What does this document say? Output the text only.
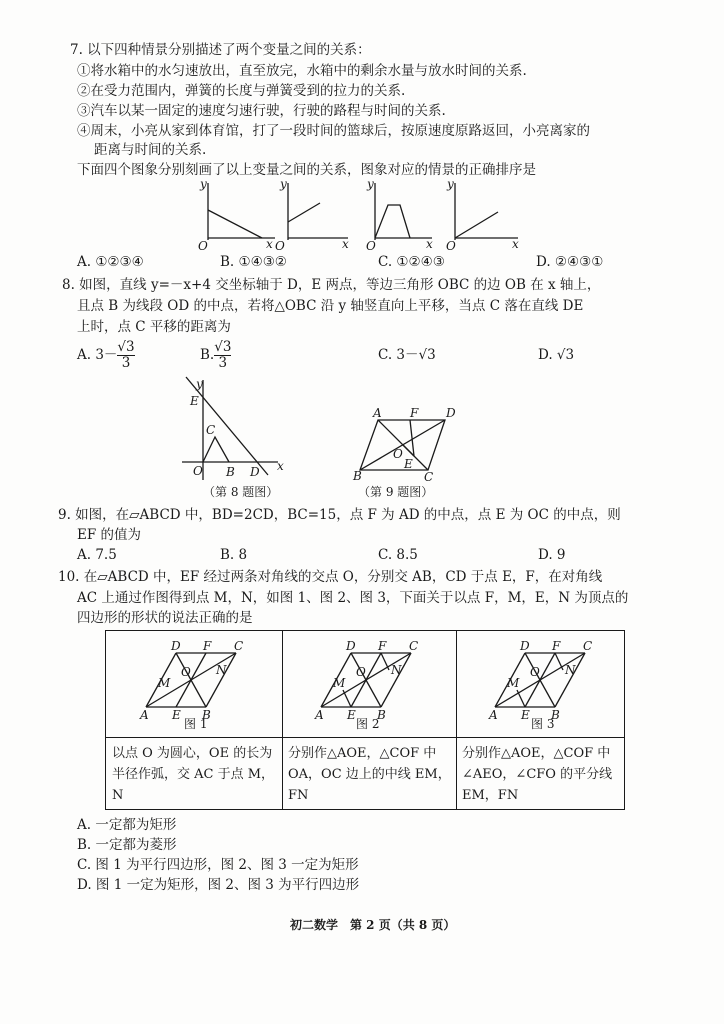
7. 以下四种情景分别描述了两个变量之间的关系：
①将水箱中的水匀速放出，直至放完，水箱中的剩余水量与放水时间的关系.
②在受力范围内，弹簧的长度与弹簧受到的拉力的关系.
③汽车以某一固定的速度匀速行驶，行驶的路程与时间的关系.
④周末，小亮从家到体育馆，打了一段时间的篮球后，按原速度原路返回，小亮离家的
距离与时间的关系.
下面四个图象分别刻画了以上变量之间的关系，图象对应的情景的正确排序是
y
x
O
y
x
O
y
x
O
y
x
O
A. ①②③④	B. ①④③②	C. ①②④③	D. ②④③①
8. 如图，直线 y=－x+4 交坐标轴于 D，E 两点，等边三角形 OBC 的边 OB 在 x 轴上，
且点 B 为线段 OD 的中点，若将△OBC 沿 y 轴竖直向上平移，当点 C 落在直线 DE
上时，点 C 平移的距离为
A. $3- \frac{√3}{3}$	B. $\frac{√3}{3}$	C. 3－√3	D. √3
y
x
E
C
O B D
（第 8 题图）
A F D
O
E
B	C
（第 9 题图）
9. 如图，在▱ABCD 中，BD=2CD，BC=15，点 F 为 AD 的中点，点 E 为 OC 的中点，则
EF 的值为
A. 7.5	B. 8	C. 8.5	D. 9
10. 在▱ABCD 中，EF 经过两条对角线的交点 O，分别交 AB，CD 于点 E，F，在对角线
AC 上通过作图得到点 M，N，如图 1、图 2、图 3，下面关于以点 F，M，E，N 为顶点的
四边形的形状的说法正确的是
D F C
M
O N
A E B
D F C
M
O N
A E B
D F C
M
O N
A E B
图 1	图 2	图 3
以点 O 为圆心，OE 的长为半径作弧，交 AC 于点 M，N
分别作△AOE，△COF 中 OA，OC 边上的中线 EM，FN
分别作△AOE，△COF 中 ∠AEO，∠CFO 的平分线 EM，FN
A. 一定都为矩形
B. 一定都为菱形
C. 图 1 为平行四边形，图 2、图 3 一定为矩形
D. 图 1 一定为矩形，图 2、图 3 为平行四边形
初二数学　第 2 页（共 8 页）
